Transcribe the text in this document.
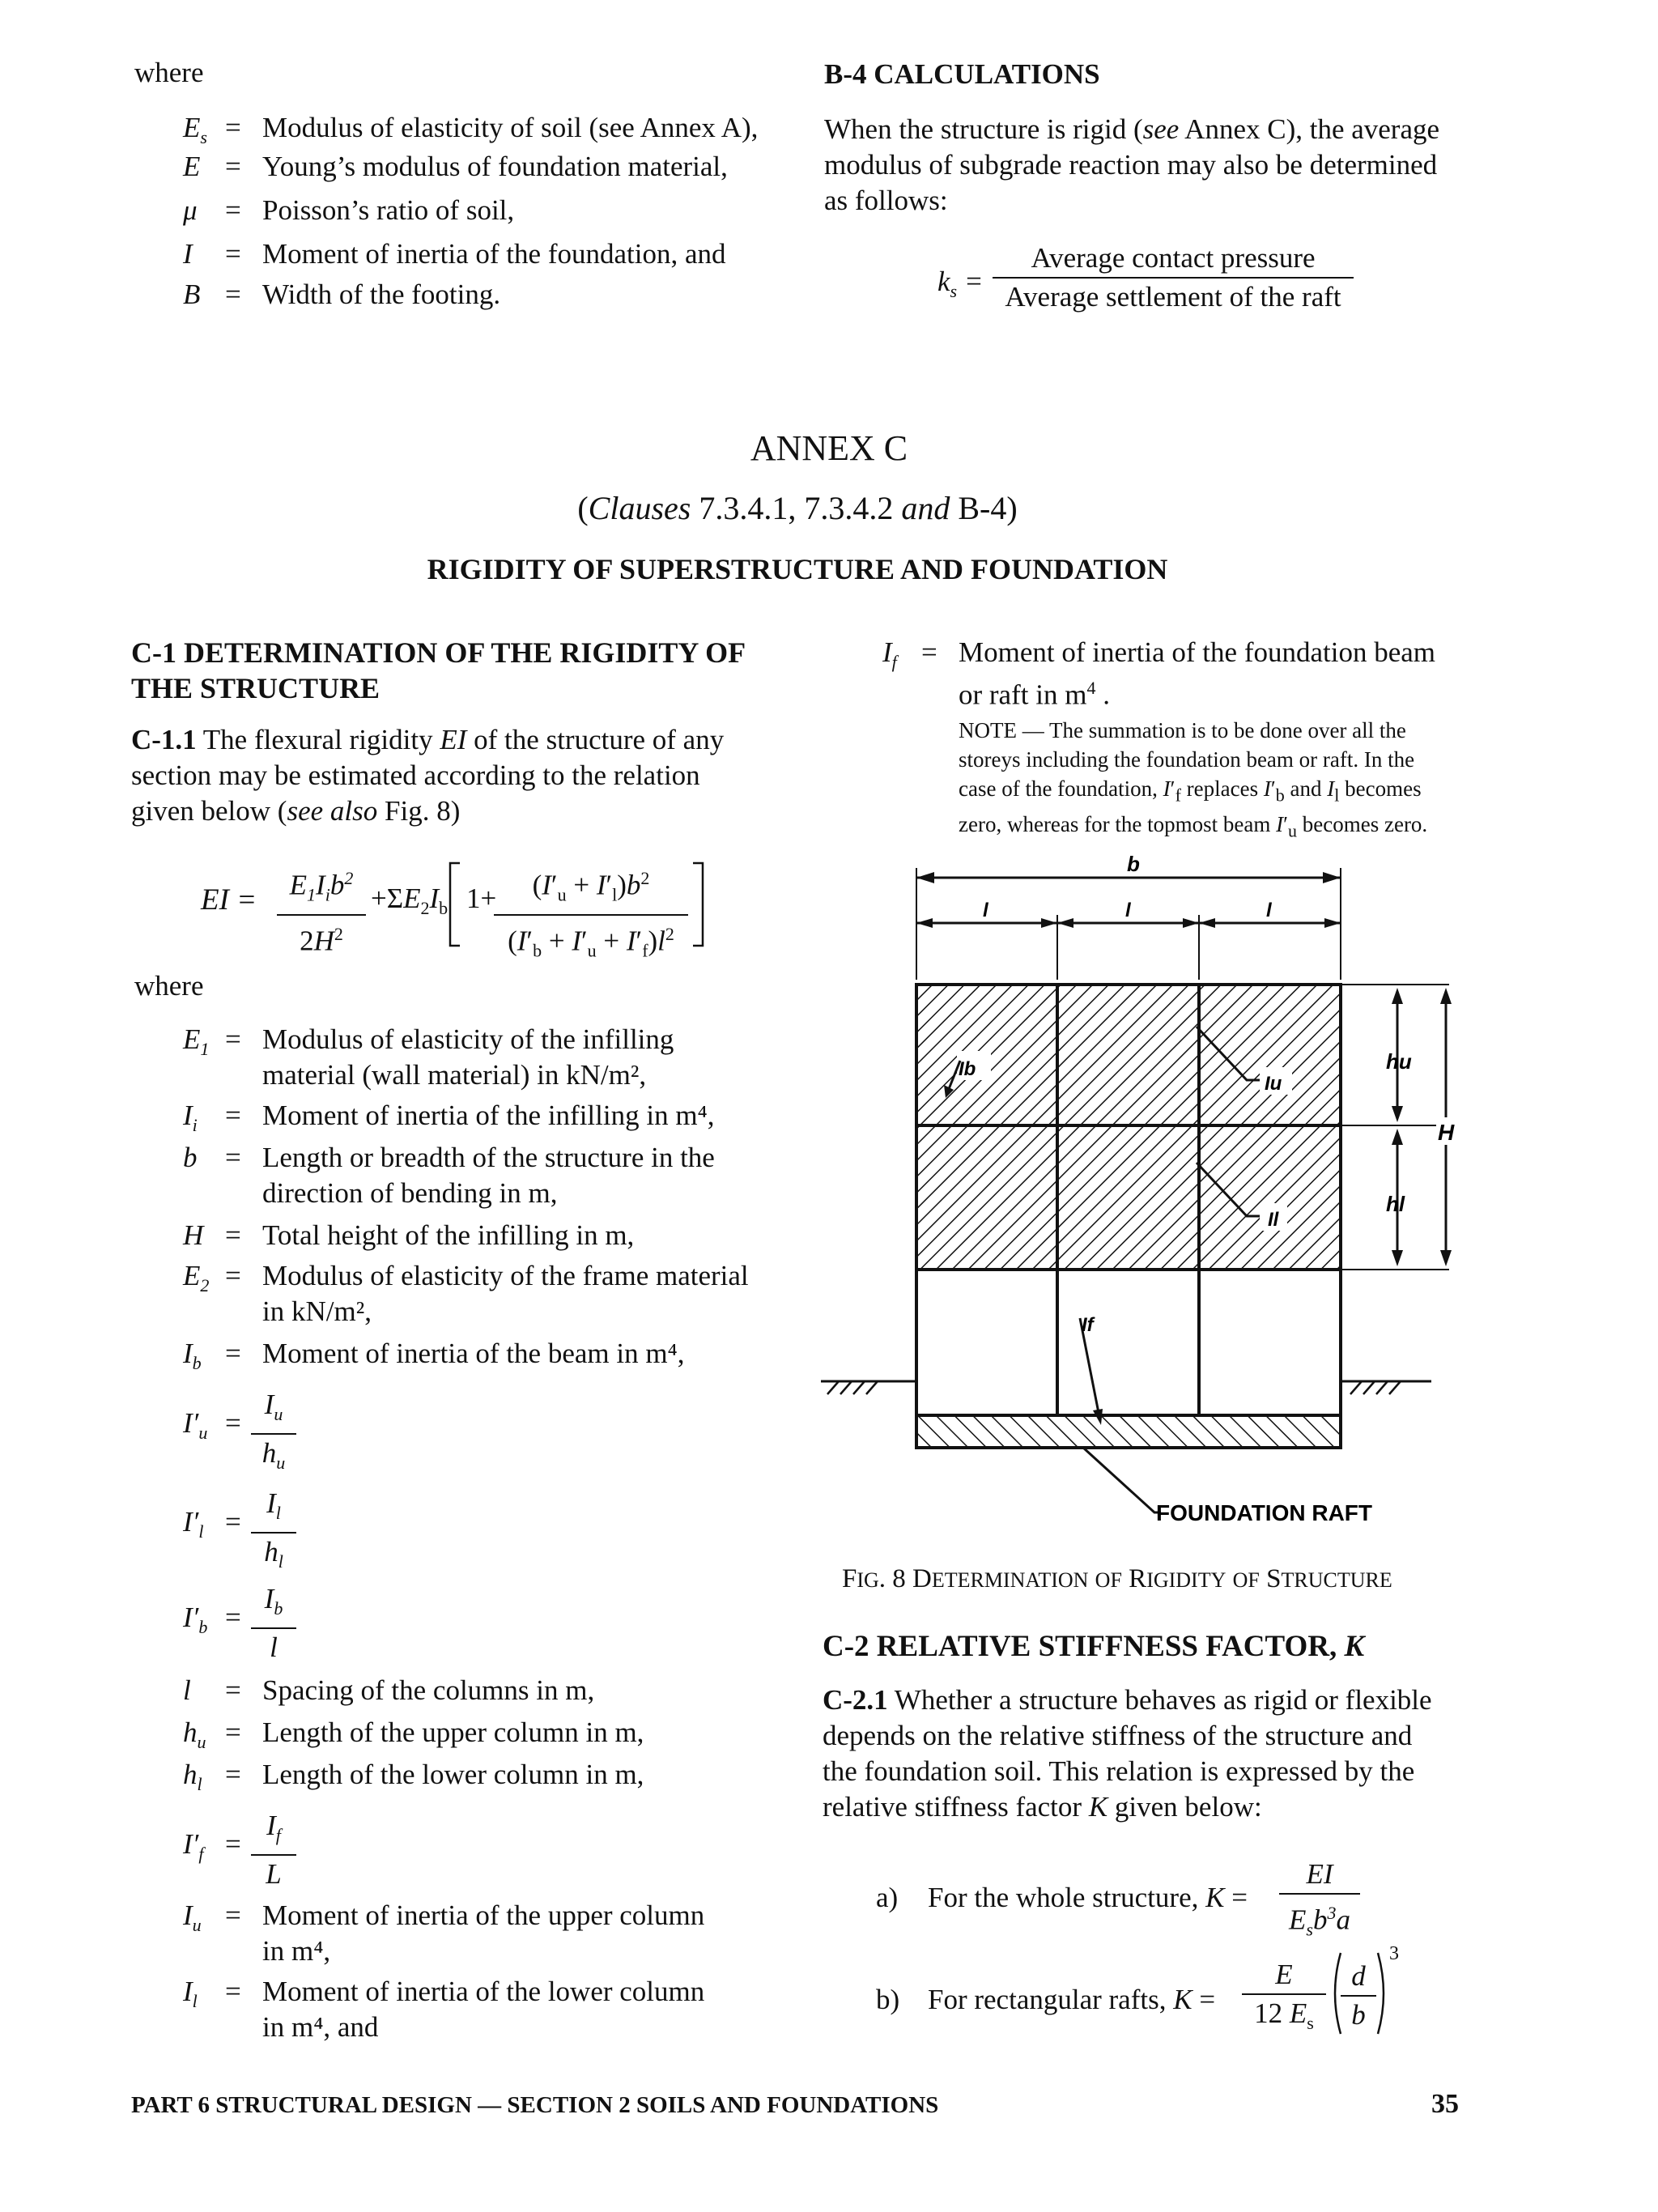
where
$E_s$ = Modulus of elasticity of soil (see Annex A),
E = Young’s modulus of foundation material,
μ = Poisson’s ratio of soil,
I	= Moment of inertia of the foundation, and
B = Width of the footing.
B-4 CALCULATIONS
When the structure is rigid (see Annex C), the average
modulus of subgrade reaction may also be determined
as follows:
$k_s$ =
Average contact pressure
Average settlement of the raft
ANNEX C
(Clauses 7.3.4.1, 7.3.4.2 and B-4)
RIGIDITY OF SUPERSTRUCTURE AND FOUNDATION
C-1 DETERMINATION OF THE RIGIDITY OF
THE STRUCTURE
C-1.1 The flexural rigidity EI of the structure of any
section may be estimated according to the relation
given below (see also Fig. 8)
EI =	$E_1I_ib^2$
$2H^2$
$+\Sigma E_2I_b$ 1+
$\frac{(I'_u + I'_l)b^2}{(I'_b + I'_u + I'_f)l^2}$
where
$E_1$ = Modulus of elasticity of the infilling
material (wall material) in kN/m²,
$I_i$ = Moment of inertia of the infilling in m⁴,
b = Length or breadth of the structure in the
direction of bending in m,
H = Total height of the infilling in m,
$E_2$ = Modulus of elasticity of the frame material
in kN/m²,
$I_b$ = Moment of inertia of the beam in m⁴,
$I'_u = \frac{I_u}{h_u}$
$I'_l = \frac{I_l}{h_l}$
$I'_b = \frac{I_b}{l}$
l	= Spacing of the columns in m,
$h_u$ = Length of the upper column in m,
$h_l$ = Length of the lower column in m,
$I'_f = \frac{I_f}{L}$
$I_u$ = Moment of inertia of the upper column
in m⁴,
$I_l$ = Moment of inertia of the lower column
in m⁴, and
$I_f$ = Moment of inertia of the foundation beam
or raft in $m^4$ .
NOTE — The summation is to be done over all the
storeys including the foundation beam or raft. In the
case of the foundation, $I'_f$ replaces $I'_b$ and $I_l$ becomes
zero, whereas for the topmost beam $I'_u$ becomes zero.
b
l	l	l
Ib
Iu
Il
If
hu
hl
H
FOUNDATION RAFT
FIG. 8 DETERMINATION OF RIGIDITY OF STRUCTURE
C-2 RELATIVE STIFFNESS FACTOR, K
C-2.1 Whether a structure behaves as rigid or flexible
depends on the relative stiffness of the structure and
the foundation soil. This relation is expressed by the
relative stiffness factor K given below:
a) For the whole structure, K =
EI
$E_sb^3a$
b) For rectangular rafts, $K = \frac{E}{12 E_s} \frac{d}{b}$
3
PART 6 STRUCTURAL DESIGN — SECTION 2 SOILS AND FOUNDATIONS	35
